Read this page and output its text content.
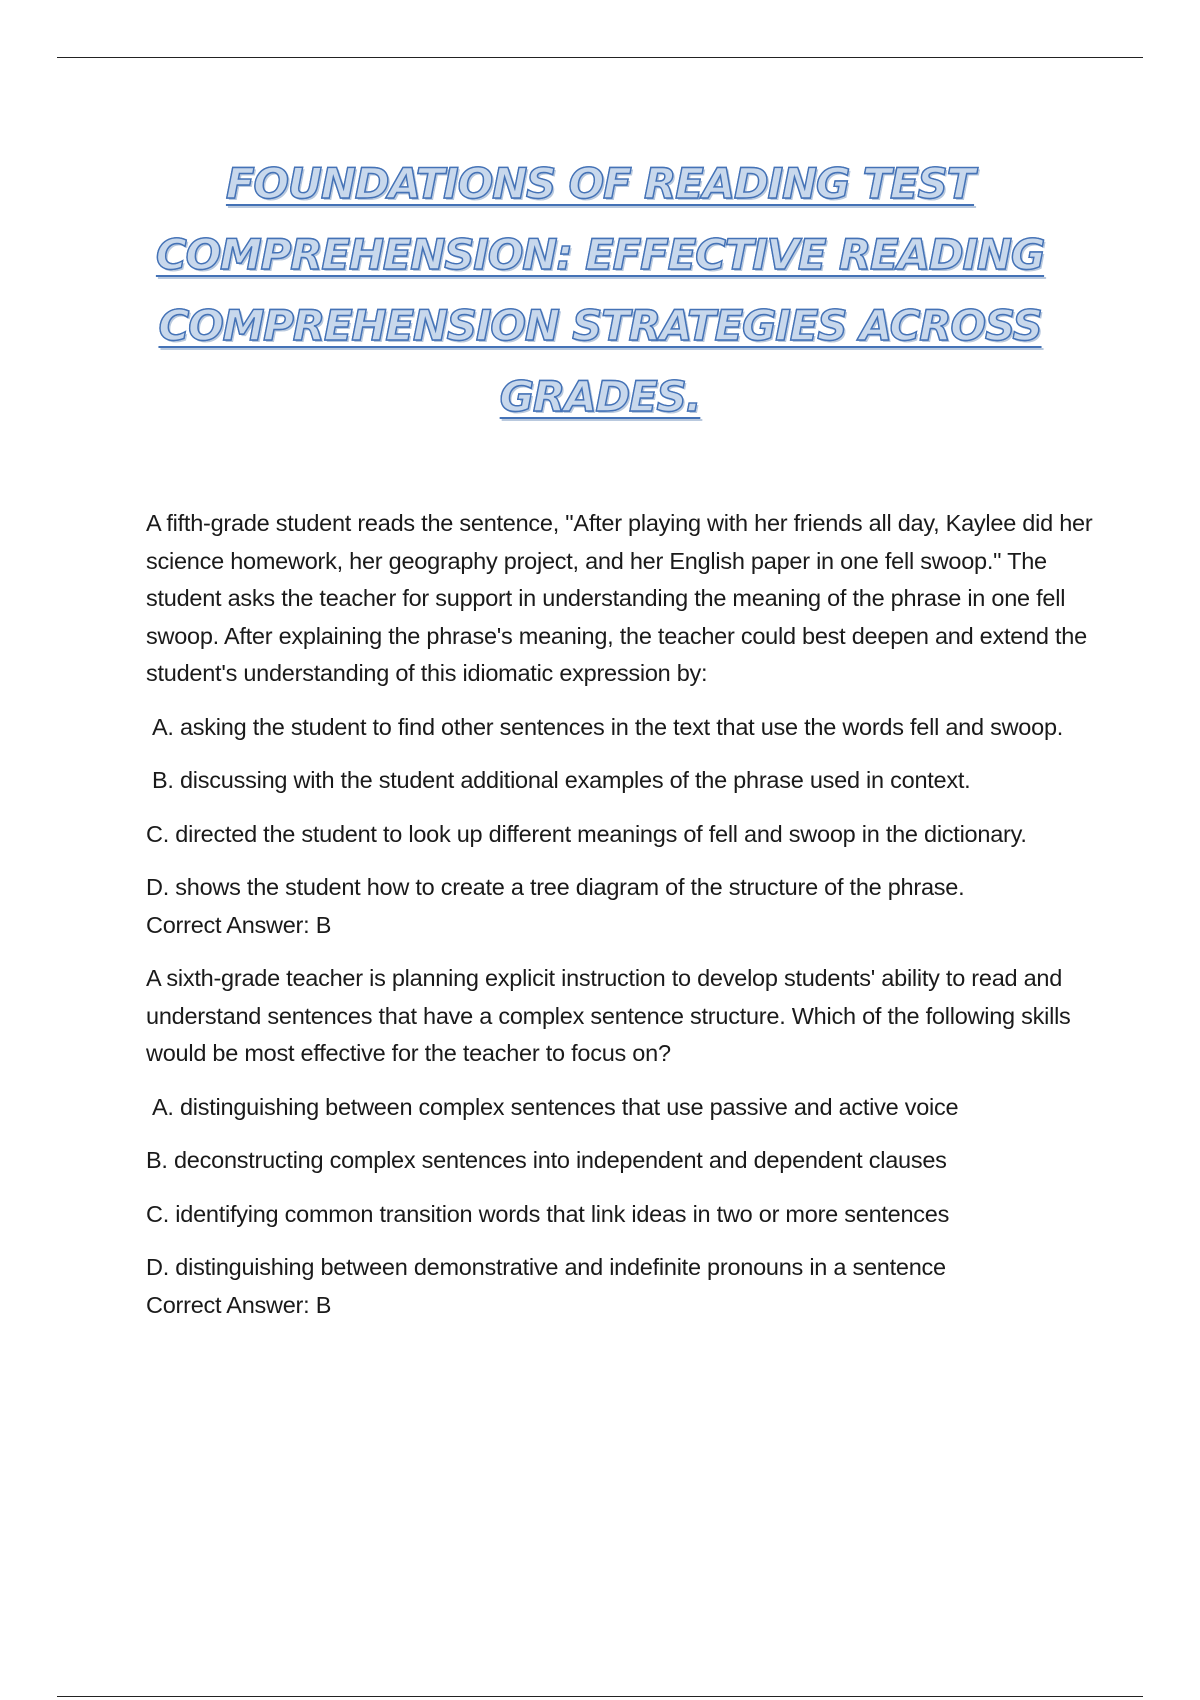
FOUNDATIONS OF READING TEST COMPREHENSION: EFFECTIVE READING COMPREHENSION STRATEGIES ACROSS GRADES.

A fifth-grade student reads the sentence, "After playing with her friends all day, Kaylee did her science homework, her geography project, and her English paper in one fell swoop." The student asks the teacher for support in understanding the meaning of the phrase in one fell swoop. After explaining the phrase's meaning, the teacher could best deepen and extend the student's understanding of this idiomatic expression by:

A. asking the student to find other sentences in the text that use the words fell and swoop.

B. discussing with the student additional examples of the phrase used in context.

C. directed the student to look up different meanings of fell and swoop in the dictionary.

D. shows the student how to create a tree diagram of the structure of the phrase.
Correct Answer: B

A sixth-grade teacher is planning explicit instruction to develop students' ability to read and understand sentences that have a complex sentence structure. Which of the following skills would be most effective for the teacher to focus on?

A. distinguishing between complex sentences that use passive and active voice

B. deconstructing complex sentences into independent and dependent clauses

C. identifying common transition words that link ideas in two or more sentences

D. distinguishing between demonstrative and indefinite pronouns in a sentence
Correct Answer: B
